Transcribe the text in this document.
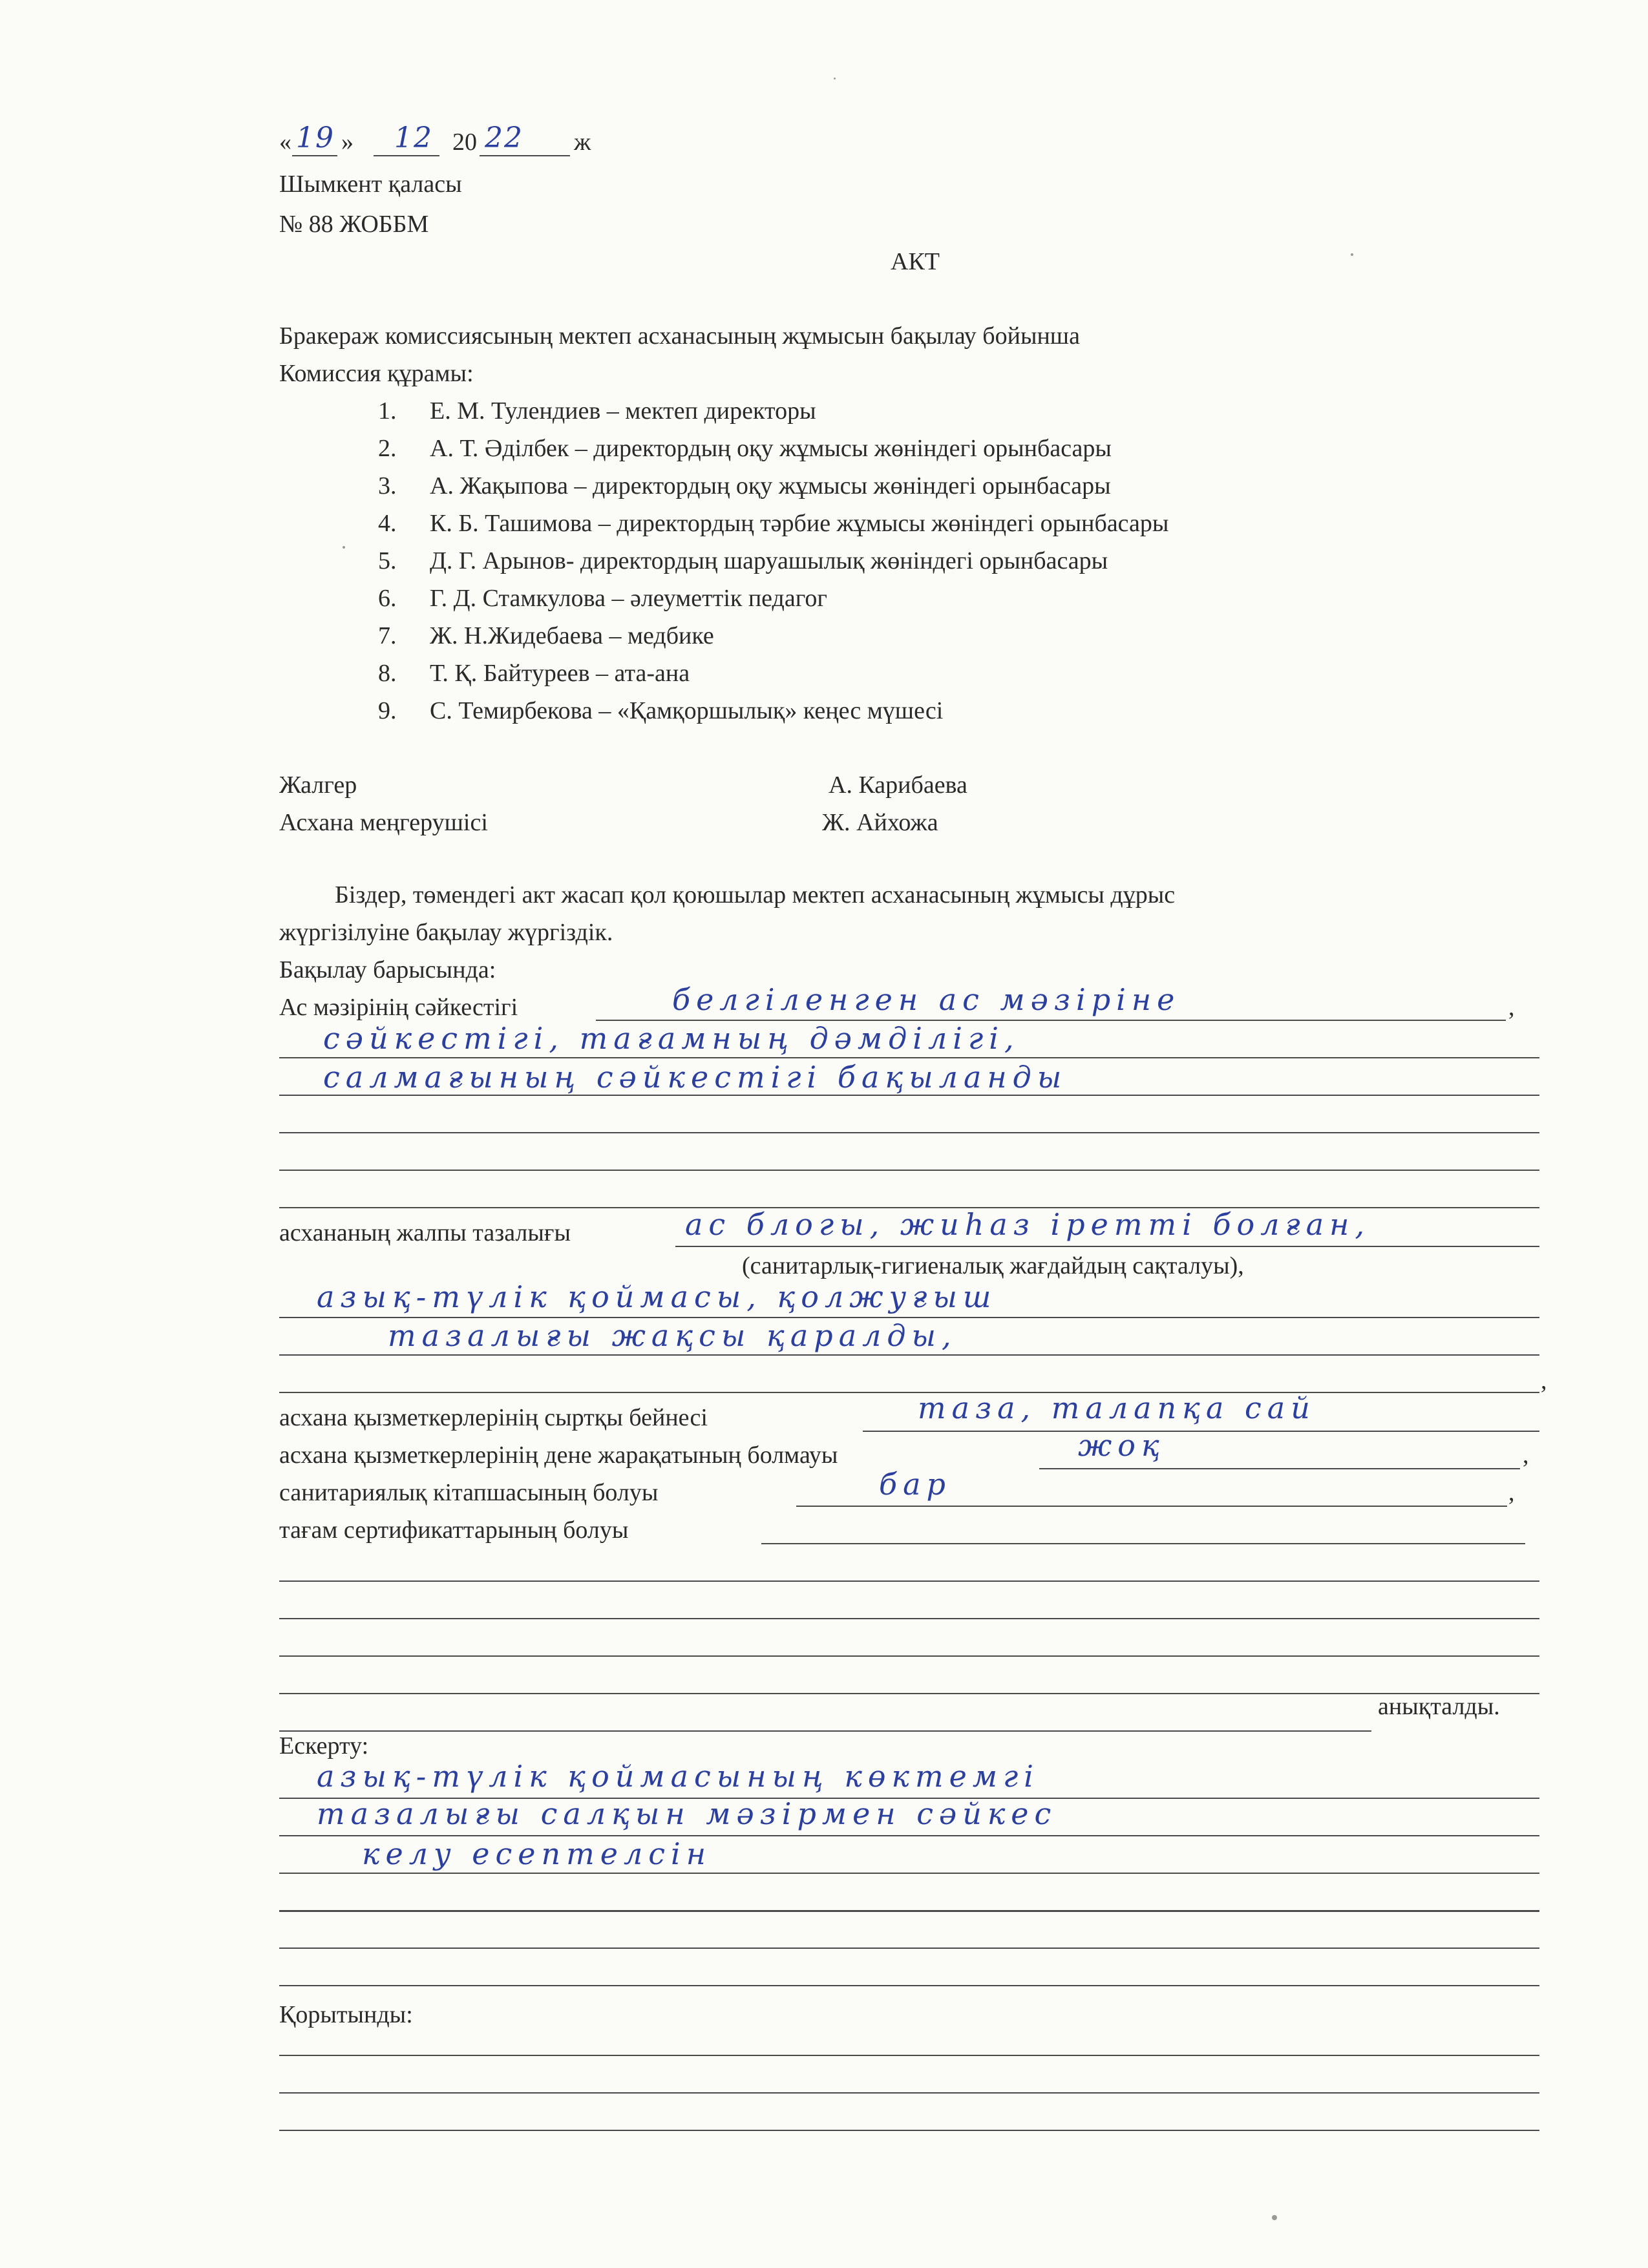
« 19 » 12 20 22 ж
Шымкент қаласы
№ 88 ЖОББМ
АКТ
Бракераж комиссиясының мектеп асханасының жұмысын бақылау бойынша
Комиссия құрамы:
1. Е. М. Тулендиев – мектеп директоры
2. А. Т. Әділбек – директордың оқу жұмысы жөніндегі орынбасары
3. А. Жақыпова – директордың оқу жұмысы жөніндегі орынбасары
4. К. Б. Ташимова – директордың тәрбие жұмысы жөніндегі орынбасары
5. Д. Г. Арынов- директордың шаруашылық жөніндегі орынбасары
6. Г. Д. Стамкулова – әлеуметтік педагог
7. Ж. Н.Жидебаева – медбике
8. Т. Қ. Байтуреев – ата-ана
9. С. Темирбекова – «Қамқоршылық» кеңес мүшесі
Жалгер	А. Карибаева
Асхана меңгерушісі	Ж. Айхожа
Біздер, төмендегі акт жасап қол қоюшылар мектеп асханасының жұмысы дұрыс
жүргізілуіне бақылау жүргіздік.
Бақылау барысында:
Ас мәзірінің сәйкестігі	,
белгіленген ас мәзіріне
сәйкестігі, тағамның дәмділігі,
салмағының сәйкестігі бақыланды
асхананың жалпы тазалығы	ас блогы, жиһаз іретті болған,
(санитарлық-гигиеналық жағдайдың сақталуы),
азық-түлік қоймасы, қолжуғыш
тазалығы жақсы қаралды,
,
асхана қызметкерлерінің сыртқы бейнесі	таза, талапқа сай
асхана қызметкерлерінің дене жарақатының болмауы	жоқ	,
санитариялық кітапшасының болуы	бар	,
тағам сертификаттарының болуы
анықталды.
Ескерту:
азық-түлік қоймасының көктемгі
тазалығы салқын мәзірмен сәйкес
келу есептелсін
Қорытынды:
